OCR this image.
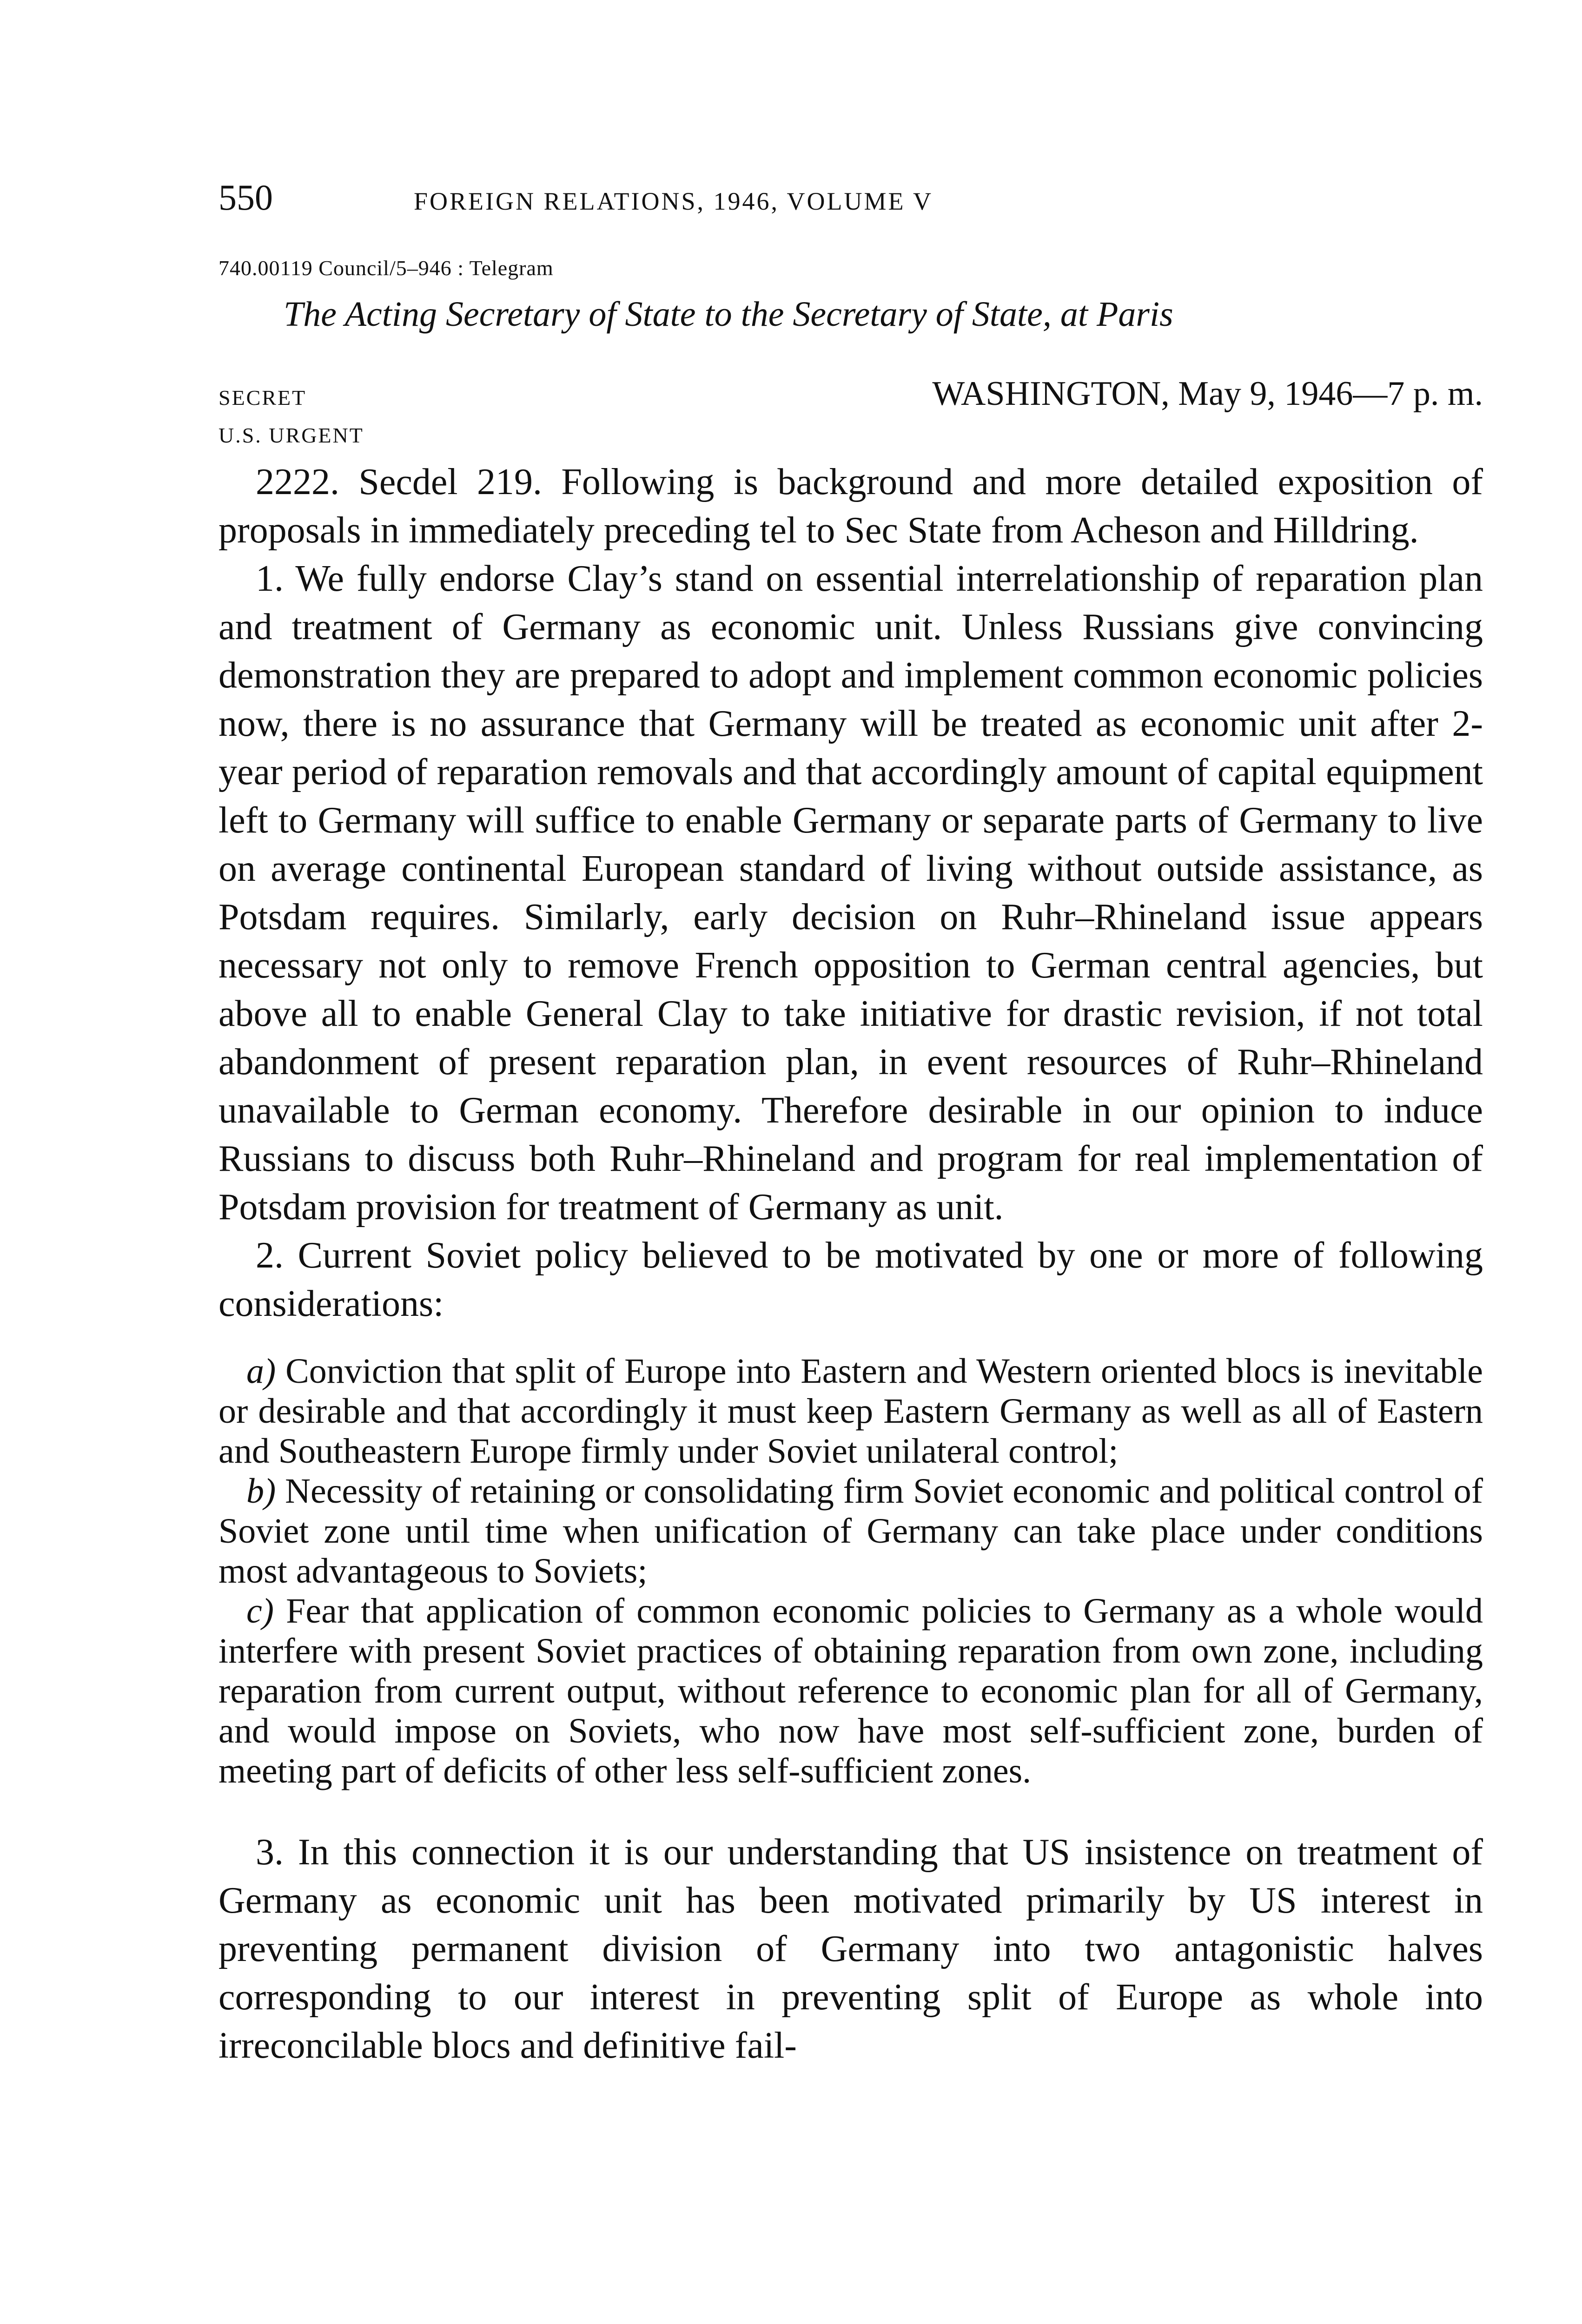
550	FOREIGN RELATIONS, 1946, VOLUME V
740.00119 Council/5–946 : Telegram
The Acting Secretary of State to the Secretary of State, at Paris
SECRET	WASHINGTON, May 9, 1946—7 p. m.
U.S. URGENT

2222. Secdel 219. Following is background and more detailed exposition of proposals in immediately preceding tel to Sec State from Acheson and Hilldring.

1. We fully endorse Clay’s stand on essential interrelationship of reparation plan and treatment of Germany as economic unit. Unless Russians give convincing demonstration they are prepared to adopt and implement common economic policies now, there is no assurance that Germany will be treated as economic unit after 2-year period of reparation removals and that accordingly amount of capital equipment left to Germany will suffice to enable Germany or separate parts of Germany to live on average continental European standard of living without outside assistance, as Potsdam requires. Similarly, early decision on Ruhr–Rhineland issue appears necessary not only to remove French opposition to German central agencies, but above all to enable General Clay to take initiative for drastic revision, if not total abandonment of present reparation plan, in event resources of Ruhr–Rhineland unavailable to German economy. Therefore desirable in our opinion to induce Russians to discuss both Ruhr–Rhineland and program for real implementation of Potsdam provision for treatment of Germany as unit.

2. Current Soviet policy believed to be motivated by one or more of following considerations:

a) Conviction that split of Europe into Eastern and Western oriented blocs is inevitable or desirable and that accordingly it must keep Eastern Germany as well as all of Eastern and Southeastern Europe firmly under Soviet unilateral control;

b) Necessity of retaining or consolidating firm Soviet economic and political control of Soviet zone until time when unification of Germany can take place under conditions most advantageous to Soviets;

c) Fear that application of common economic policies to Germany as a whole would interfere with present Soviet practices of obtaining reparation from own zone, including reparation from current output, without reference to economic plan for all of Germany, and would impose on Soviets, who now have most self-sufficient zone, burden of meeting part of deficits of other less self-sufficient zones.

3. In this connection it is our understanding that US insistence on treatment of Germany as economic unit has been motivated primarily by US interest in preventing permanent division of Germany into two antagonistic halves corresponding to our interest in preventing split of Europe as whole into irreconcilable blocs and definitive fail-
